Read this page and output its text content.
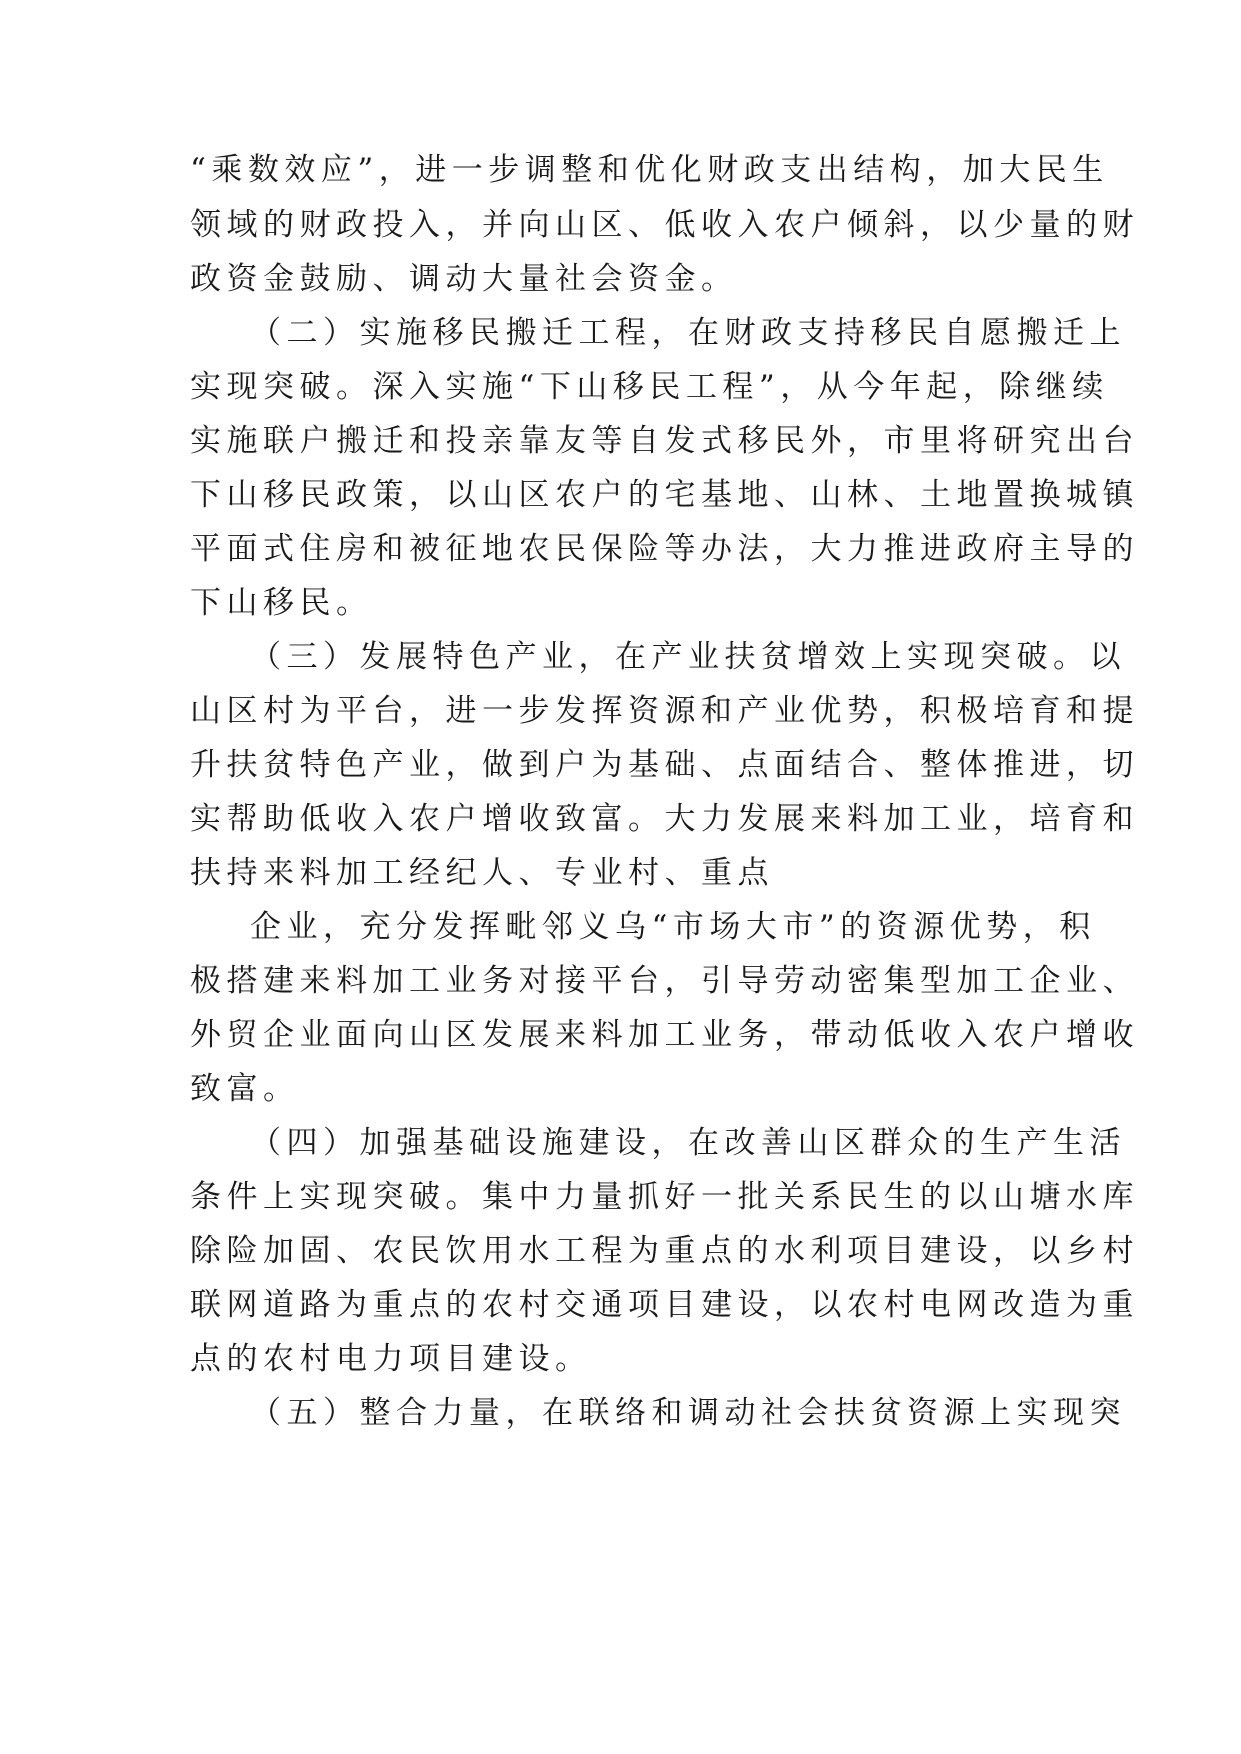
“乘数效应”，进一步调整和优化财政支出结构，加大民生
领域的财政投入，并向山区、低收入农户倾斜，以少量的财
政资金鼓励、调动大量社会资金。
（二）实施移民搬迁工程，在财政支持移民自愿搬迁上
实现突破。深入实施“下山移民工程”，从今年起，除继续
实施联户搬迁和投亲靠友等自发式移民外，市里将研究出台
下山移民政策，以山区农户的宅基地、山林、土地置换城镇
平面式住房和被征地农民保险等办法，大力推进政府主导的
下山移民。
（三）发展特色产业，在产业扶贫增效上实现突破。以
山区村为平台，进一步发挥资源和产业优势，积极培育和提
升扶贫特色产业，做到户为基础、点面结合、整体推进，切
实帮助低收入农户增收致富。大力发展来料加工业，培育和
扶持来料加工经纪人、专业村、重点
企业，充分发挥毗邻义乌“市场大市”的资源优势，积
极搭建来料加工业务对接平台，引导劳动密集型加工企业、
外贸企业面向山区发展来料加工业务，带动低收入农户增收
致富。
（四）加强基础设施建设，在改善山区群众的生产生活
条件上实现突破。集中力量抓好一批关系民生的以山塘水库
除险加固、农民饮用水工程为重点的水利项目建设，以乡村
联网道路为重点的农村交通项目建设，以农村电网改造为重
点的农村电力项目建设。
（五）整合力量，在联络和调动社会扶贫资源上实现突
